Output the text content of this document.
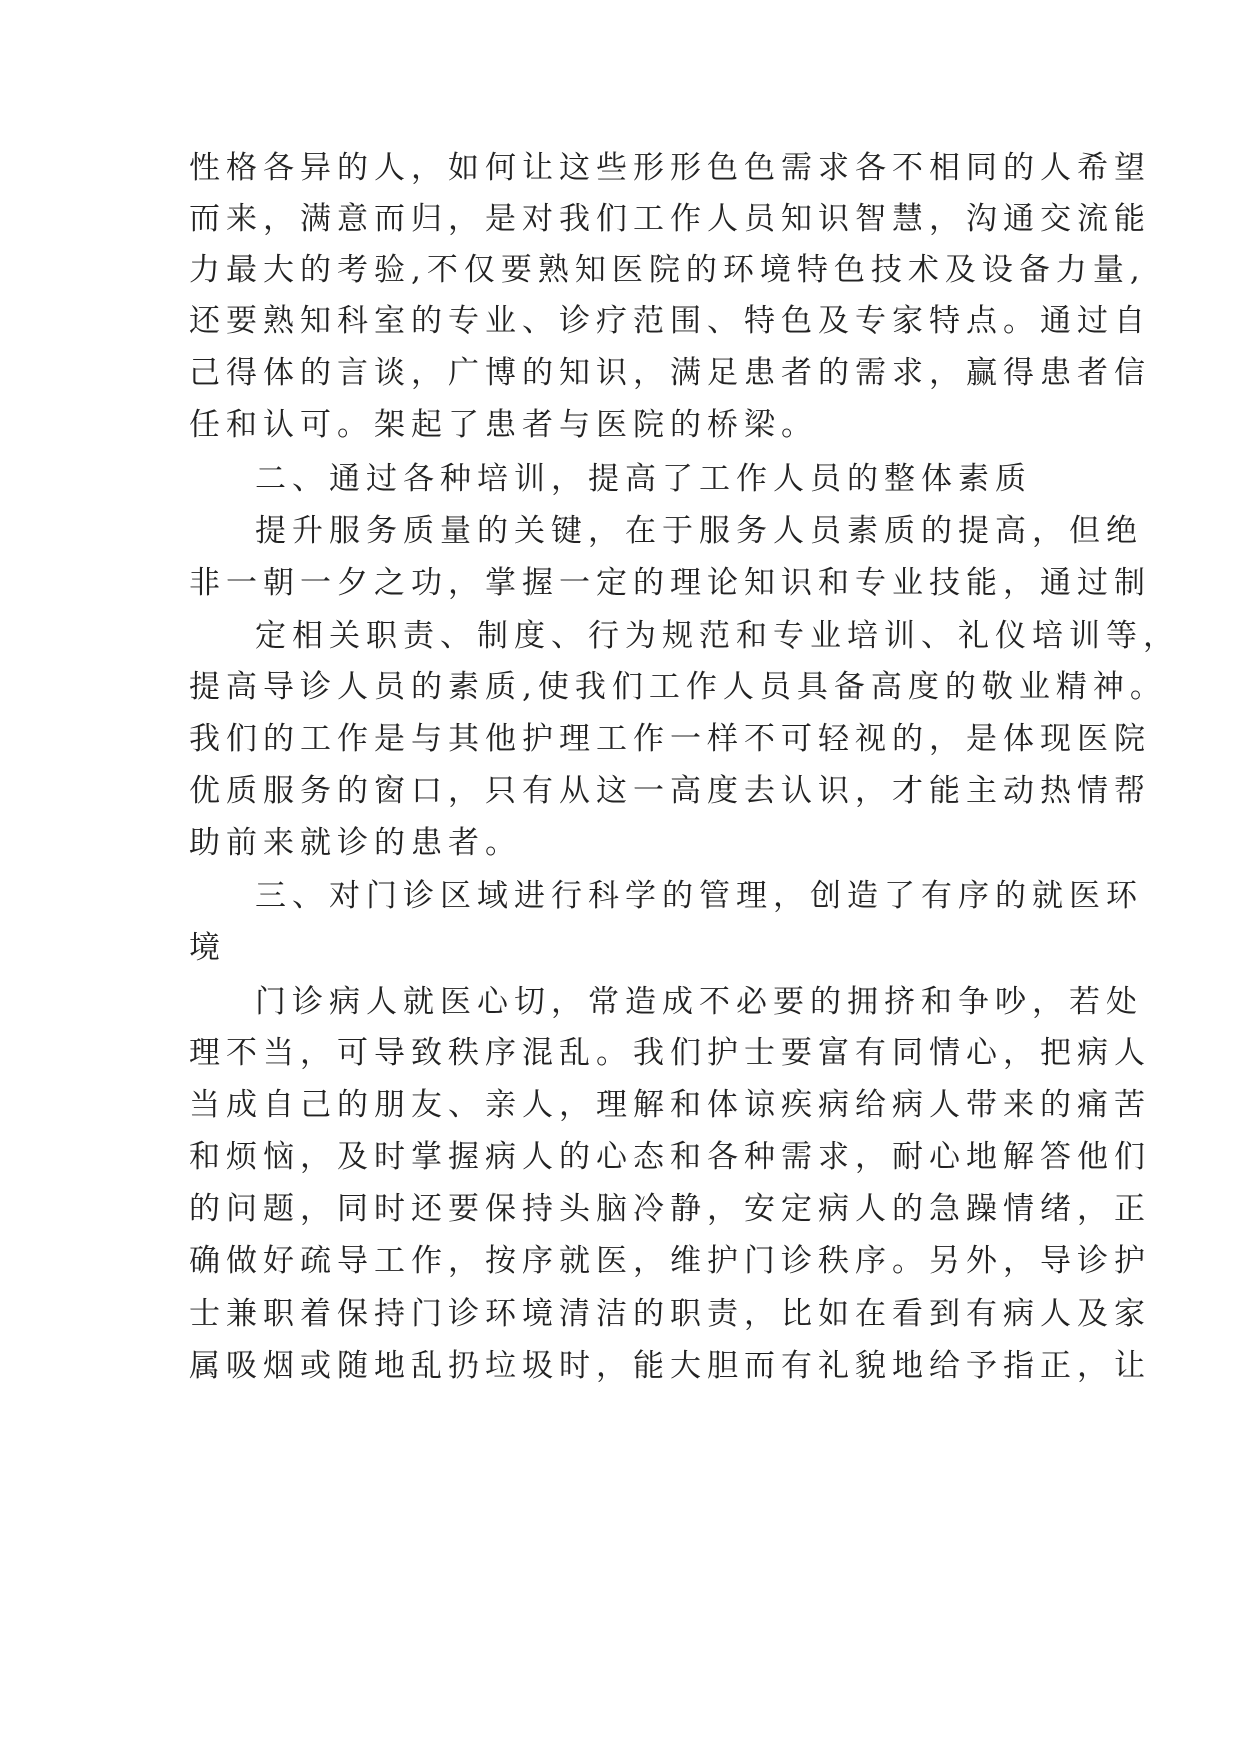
性格各异的人，如何让这些形形色色需求各不相同的人希望
而来，满意而归，是对我们工作人员知识智慧，沟通交流能
力最大的考验,不仅要熟知医院的环境特色技术及设备力量,
还要熟知科室的专业、诊疗范围、特色及专家特点。通过自
己得体的言谈，广博的知识，满足患者的需求，赢得患者信
任和认可。架起了患者与医院的桥梁。
二、通过各种培训，提高了工作人员的整体素质
提升服务质量的关键，在于服务人员素质的提高，但绝
非一朝一夕之功，掌握一定的理论知识和专业技能，通过制
定相关职责、制度、行为规范和专业培训、礼仪培训等，
提高导诊人员的素质,使我们工作人员具备高度的敬业精神。
我们的工作是与其他护理工作一样不可轻视的，是体现医院
优质服务的窗口，只有从这一高度去认识，才能主动热情帮
助前来就诊的患者。
三、对门诊区域进行科学的管理，创造了有序的就医环
境
门诊病人就医心切，常造成不必要的拥挤和争吵，若处
理不当，可导致秩序混乱。我们护士要富有同情心，把病人
当成自己的朋友、亲人，理解和体谅疾病给病人带来的痛苦
和烦恼，及时掌握病人的心态和各种需求，耐心地解答他们
的问题，同时还要保持头脑冷静，安定病人的急躁情绪，正
确做好疏导工作，按序就医，维护门诊秩序。另外，导诊护
士兼职着保持门诊环境清洁的职责，比如在看到有病人及家
属吸烟或随地乱扔垃圾时，能大胆而有礼貌地给予指正，让
